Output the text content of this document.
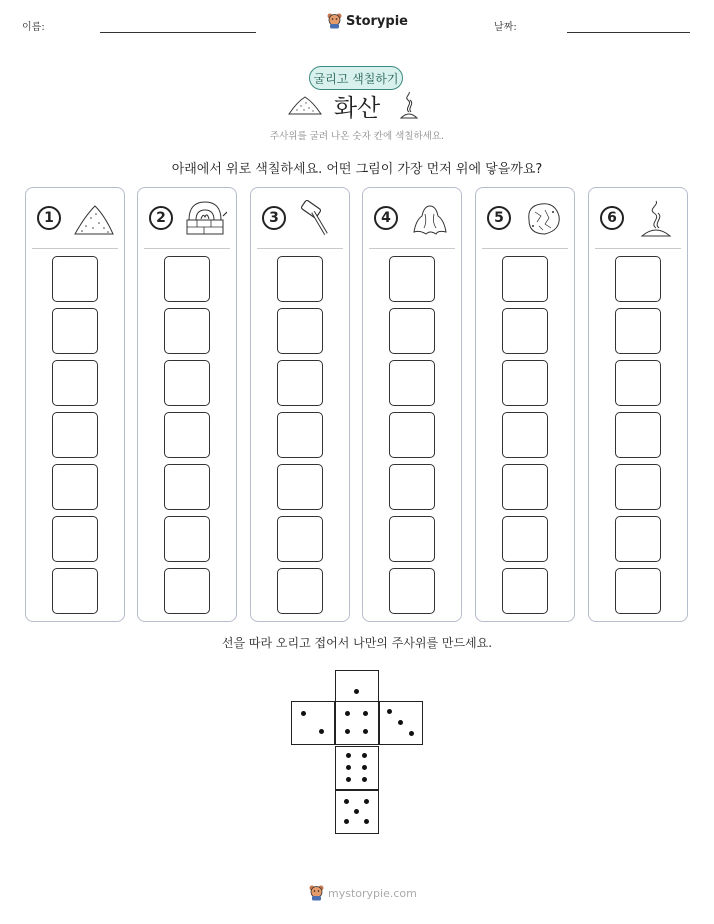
이름:	Storypie	날짜:
굴리고 색칠하기
화산
주사위를 굴려 나온 숫자 칸에 색칠하세요.
아래에서 위로 색칠하세요. 어떤 그림이 가장 먼저 위에 닿을까요?
1	2	3	4	5	6
선을 따라 오리고 접어서 나만의 주사위를 만드세요.
mystorypie.com
